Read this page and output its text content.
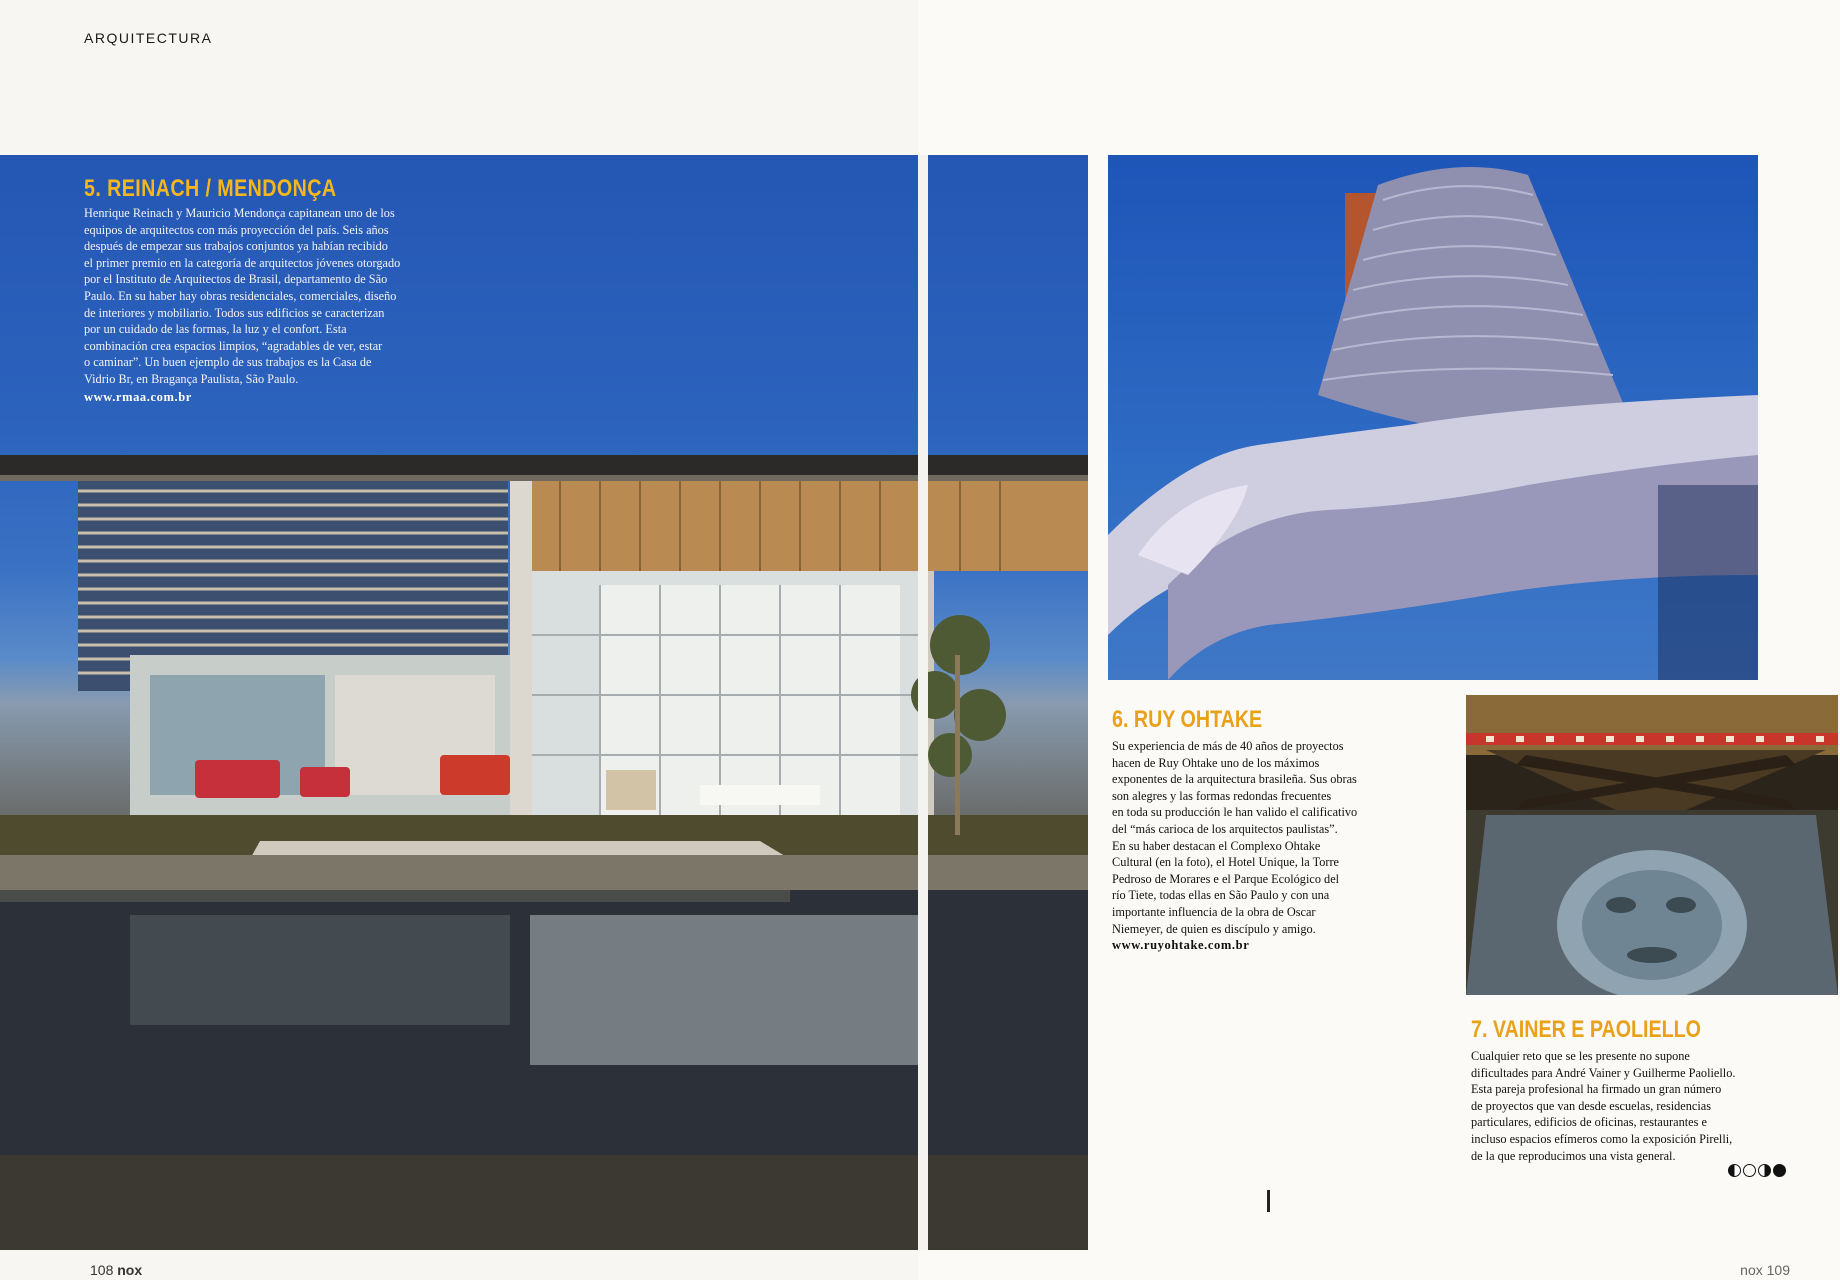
ARQUITECTURA
5. REINACH / MENDONÇA
Henrique Reinach y Mauricio Mendonça capitanean uno de los
equipos de arquitectos con más proyección del país. Seis años
después de empezar sus trabajos conjuntos ya habían recibido
el primer premio en la categoría de arquitectos jóvenes otorgado
por el Instituto de Arquitectos de Brasil, departamento de São
Paulo. En su haber hay obras residenciales, comerciales, diseño
de interiores y mobiliario. Todos sus edificios se caracterizan
por un cuidado de las formas, la luz y el confort. Esta
combinación crea espacios limpios, “agradables de ver, estar
o caminar”. Un buen ejemplo de sus trabajos es la Casa de
Vidrio Br, en Bragança Paulista, São Paulo.
www.rmaa.com.br
6. RUY OHTAKE
Su experiencia de más de 40 años de proyectos
hacen de Ruy Ohtake uno de los máximos
exponentes de la arquitectura brasileña. Sus obras
son alegres y las formas redondas frecuentes
en toda su producción le han valido el calificativo
del “más carioca de los arquitectos paulistas”.
En su haber destacan el Complexo Ohtake
Cultural (en la foto), el Hotel Unique, la Torre
Pedroso de Morares e el Parque Ecológico del
río Tiete, todas ellas en São Paulo y con una
importante influencia de la obra de Oscar
Niemeyer, de quien es discípulo y amigo.
www.ruyohtake.com.br
7. VAINER E PAOLIELLO
Cualquier reto que se les presente no supone
dificultades para André Vainer y Guilherme Paoliello.
Esta pareja profesional ha firmado un gran número
de proyectos que van desde escuelas, residencias
particulares, edificios de oficinas, restaurantes e
incluso espacios efímeros como la exposición Pirelli,
de la que reproducimos una vista general.
108 nox	nox 109
